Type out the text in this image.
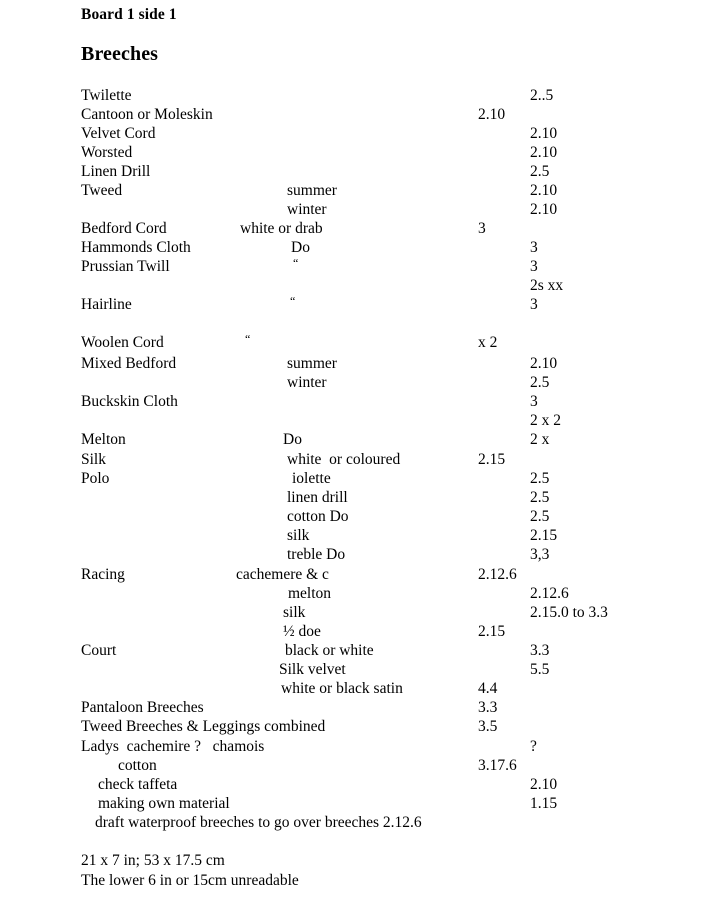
Board 1 side 1
Breeches
Twilette	2..5
Cantoon or Moleskin	2.10
Velvet Cord	2.10
Worsted	2.10
Linen Drill	2.5
Tweed	summer	2.10
winter	2.10
Bedford Cord	white or drab	3
Hammonds Cloth	Do	3
Prussian Twill	“	3
2s xx
Hairline	“	3
Woolen Cord	“	x 2
Mixed Bedford	summer	2.10
winter	2.5
Buckskin Cloth	3
2 x 2
Melton	Do	2 x
Silk	white  or coloured	2.15
Polo	iolette	2.5
linen drill	2.5
cotton Do	2.5
silk	2.15
treble Do	3,3
Racing	cachemere & c	2.12.6
melton	2.12.6
silk	2.15.0 to 3.3
½ doe	2.15
Court	black or white	3.3
Silk velvet	5.5
white or black satin	4.4
Pantaloon Breeches	3.3
Tweed Breeches & Leggings combined	3.5
Ladys  cachemire ?   chamois	?
cotton	3.17.6
check taffeta	2.10
making own material	1.15
draft waterproof breeches to go over breeches 2.12.6
21 x 7 in; 53 x 17.5 cm
The lower 6 in or 15cm unreadable
